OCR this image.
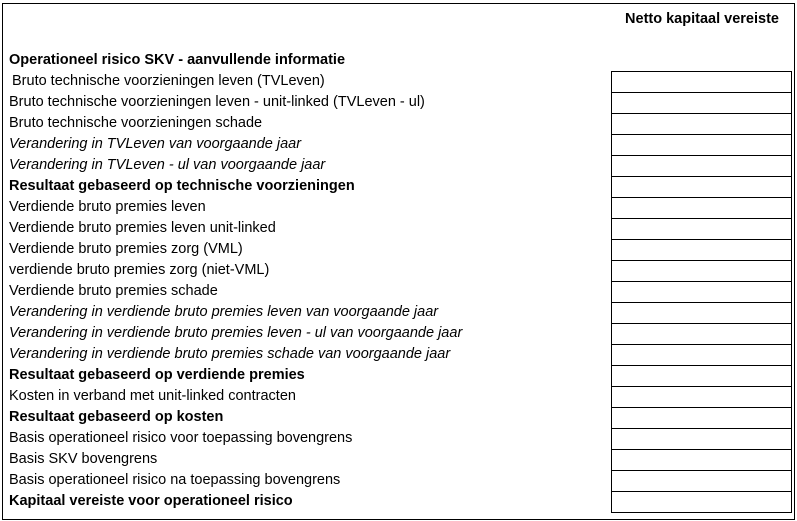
Netto kapitaal vereiste
Operationeel risico SKV - aanvullende informatie
Bruto technische voorzieningen leven (TVLeven)
Bruto technische voorzieningen leven - unit-linked (TVLeven - ul)
Bruto technische voorzieningen schade
Verandering in TVLeven van voorgaande jaar
Verandering in TVLeven - ul van voorgaande jaar
Resultaat gebaseerd op technische voorzieningen
Verdiende bruto premies leven
Verdiende bruto premies leven unit-linked
Verdiende bruto premies zorg (VML)
verdiende bruto premies zorg (niet-VML)
Verdiende bruto premies schade
Verandering in verdiende bruto premies leven van voorgaande jaar
Verandering in verdiende bruto premies leven - ul van voorgaande jaar
Verandering in verdiende bruto premies schade van voorgaande jaar
Resultaat gebaseerd op verdiende premies
Kosten in verband met unit-linked contracten
Resultaat gebaseerd op kosten
Basis operationeel risico voor toepassing bovengrens
Basis SKV bovengrens
Basis operationeel risico na toepassing bovengrens
Kapitaal vereiste voor operationeel risico
